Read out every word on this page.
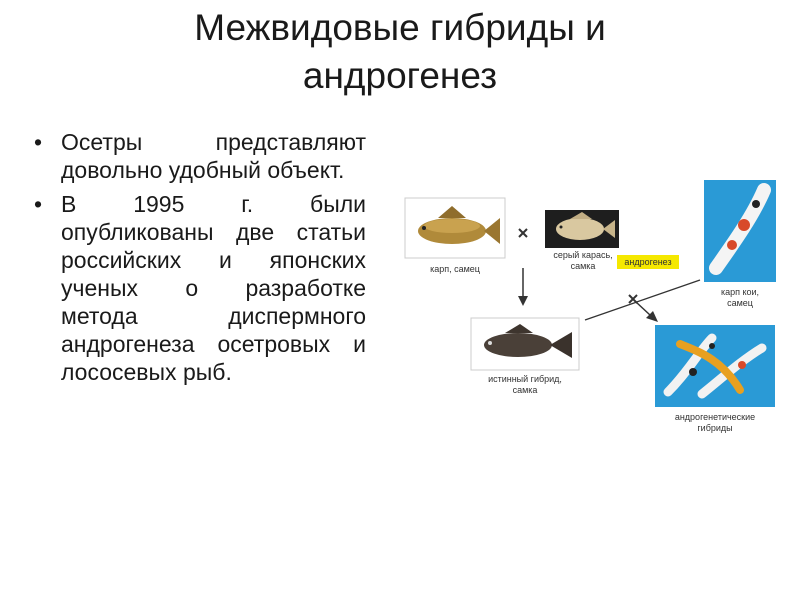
Межвидовые гибриды и
андрогенез
• Осетры представляют довольно удобный объект.
• В 1995 г. были опубликованы две статьи российских и японских ученых о разработке метода диспермного андрогенеза осетровых и лососевых рыб.
карп, самец
серый карась,
самка	андрогенез
карп кои,
самец
истинный гибрид,
самка
андрогенетические
гибриды
